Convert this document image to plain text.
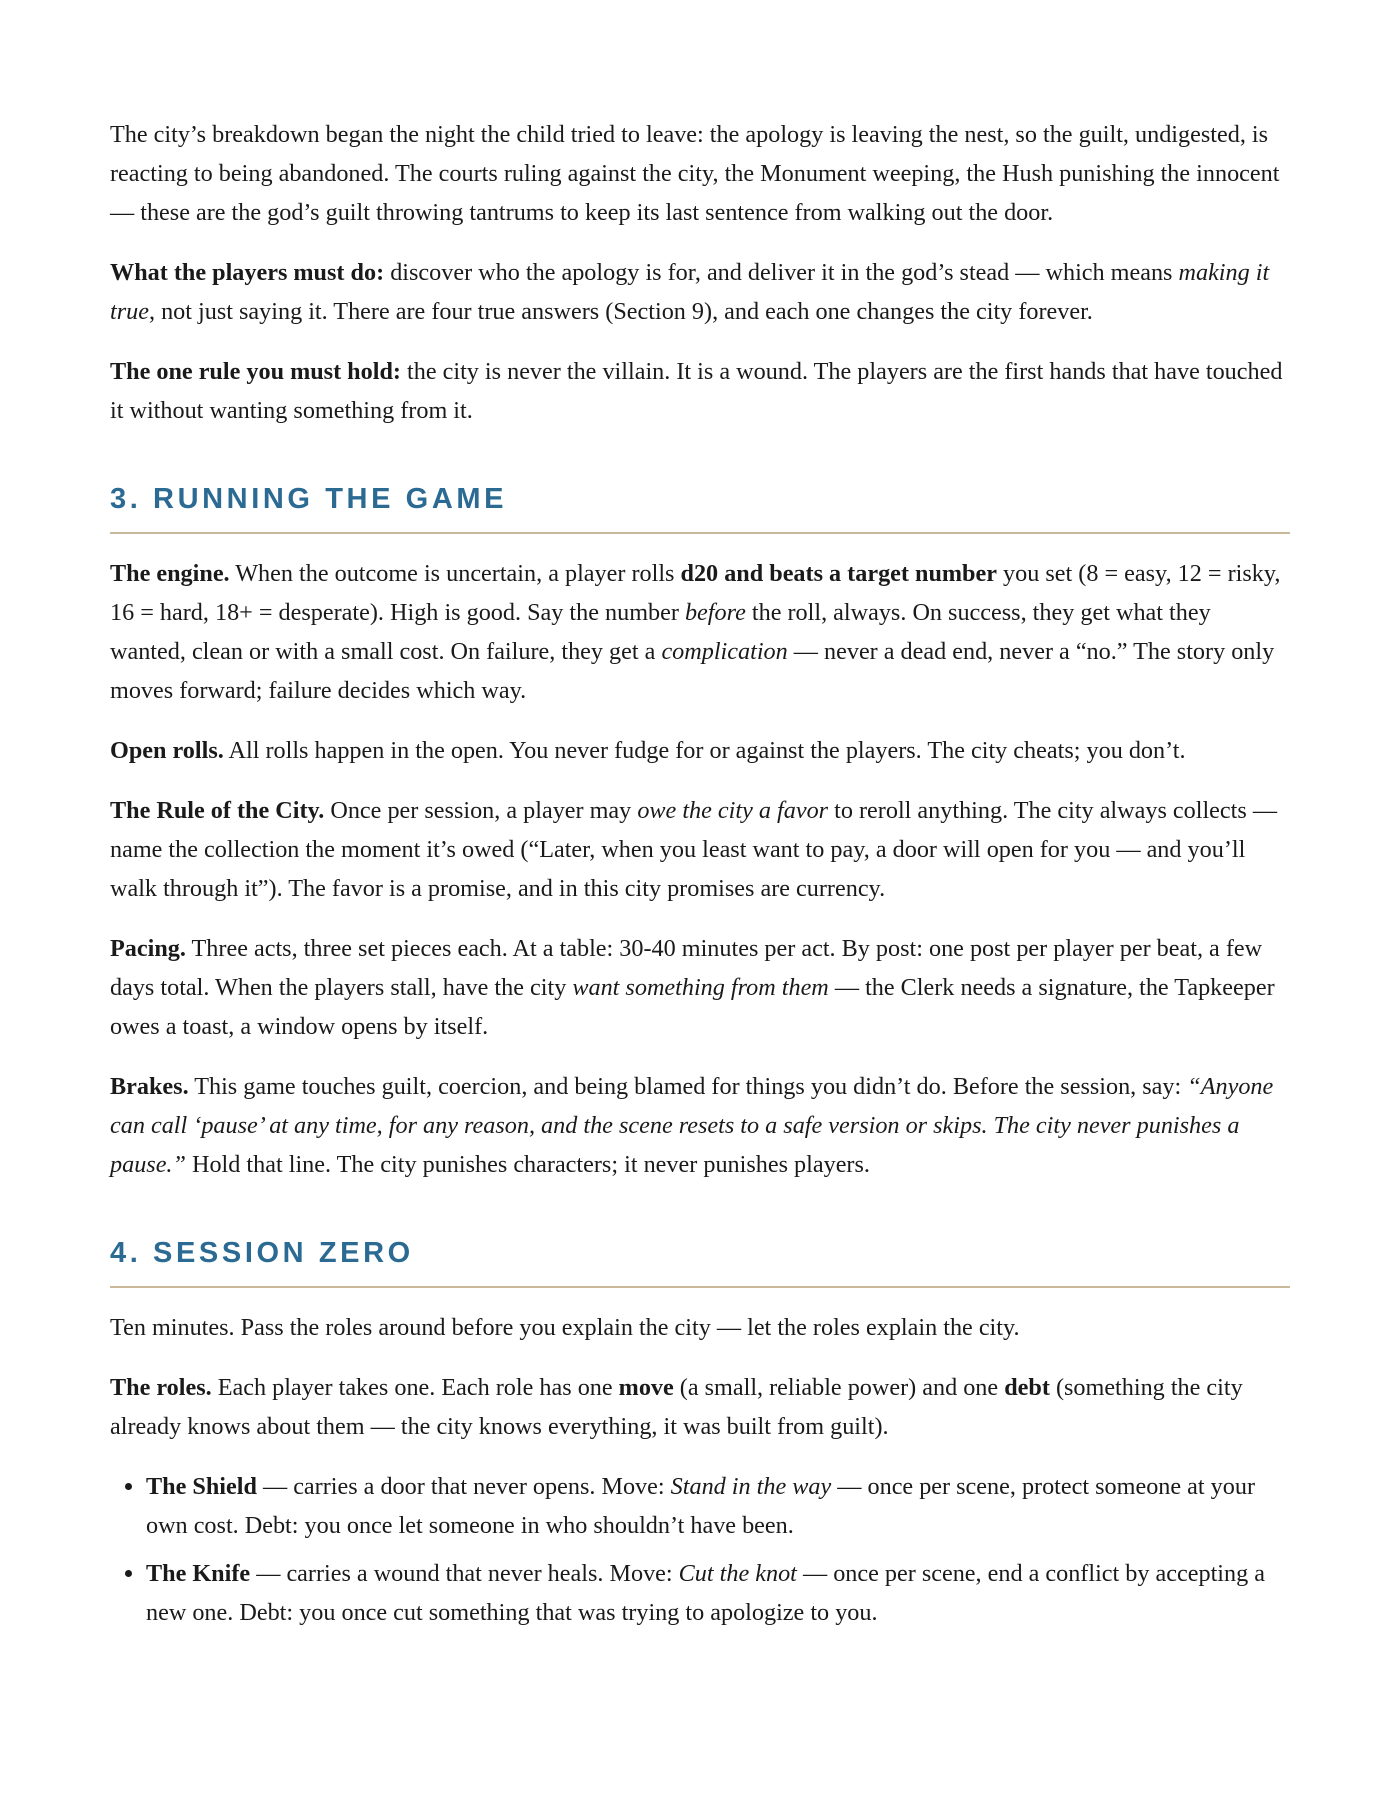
The city’s breakdown began the night the child tried to leave: the apology is leaving the nest, so the guilt, undigested, is reacting to being abandoned. The courts ruling against the city, the Monument weeping, the Hush punishing the innocent — these are the god’s guilt throwing tantrums to keep its last sentence from walking out the door.

What the players must do: discover who the apology is for, and deliver it in the god’s stead — which means making it true, not just saying it. There are four true answers (Section 9), and each one changes the city forever.

The one rule you must hold: the city is never the villain. It is a wound. The players are the first hands that have touched it without wanting something from it.

3. RUNNING THE GAME

The engine. When the outcome is uncertain, a player rolls d20 and beats a target number you set (8 = easy, 12 = risky, 16 = hard, 18+ = desperate). High is good. Say the number before the roll, always. On success, they get what they wanted, clean or with a small cost. On failure, they get a complication — never a dead end, never a “no.” The story only moves forward; failure decides which way.

Open rolls. All rolls happen in the open. You never fudge for or against the players. The city cheats; you don’t.

The Rule of the City. Once per session, a player may owe the city a favor to reroll anything. The city always collects — name the collection the moment it’s owed (“Later, when you least want to pay, a door will open for you — and you’ll walk through it”). The favor is a promise, and in this city promises are currency.

Pacing. Three acts, three set pieces each. At a table: 30-40 minutes per act. By post: one post per player per beat, a few days total. When the players stall, have the city want something from them — the Clerk needs a signature, the Tapkeeper owes a toast, a window opens by itself.

Brakes. This game touches guilt, coercion, and being blamed for things you didn’t do. Before the session, say: “Anyone can call ‘pause’ at any time, for any reason, and the scene resets to a safe version or skips. The city never punishes a pause.” Hold that line. The city punishes characters; it never punishes players.

4. SESSION ZERO

Ten minutes. Pass the roles around before you explain the city — let the roles explain the city.

The roles. Each player takes one. Each role has one move (a small, reliable power) and one debt (something the city already knows about them — the city knows everything, it was built from guilt).

• The Shield — carries a door that never opens. Move: Stand in the way — once per scene, protect someone at your own cost. Debt: you once let someone in who shouldn’t have been.
• The Knife — carries a wound that never heals. Move: Cut the knot — once per scene, end a conflict by accepting a new one. Debt: you once cut something that was trying to apologize to you.
